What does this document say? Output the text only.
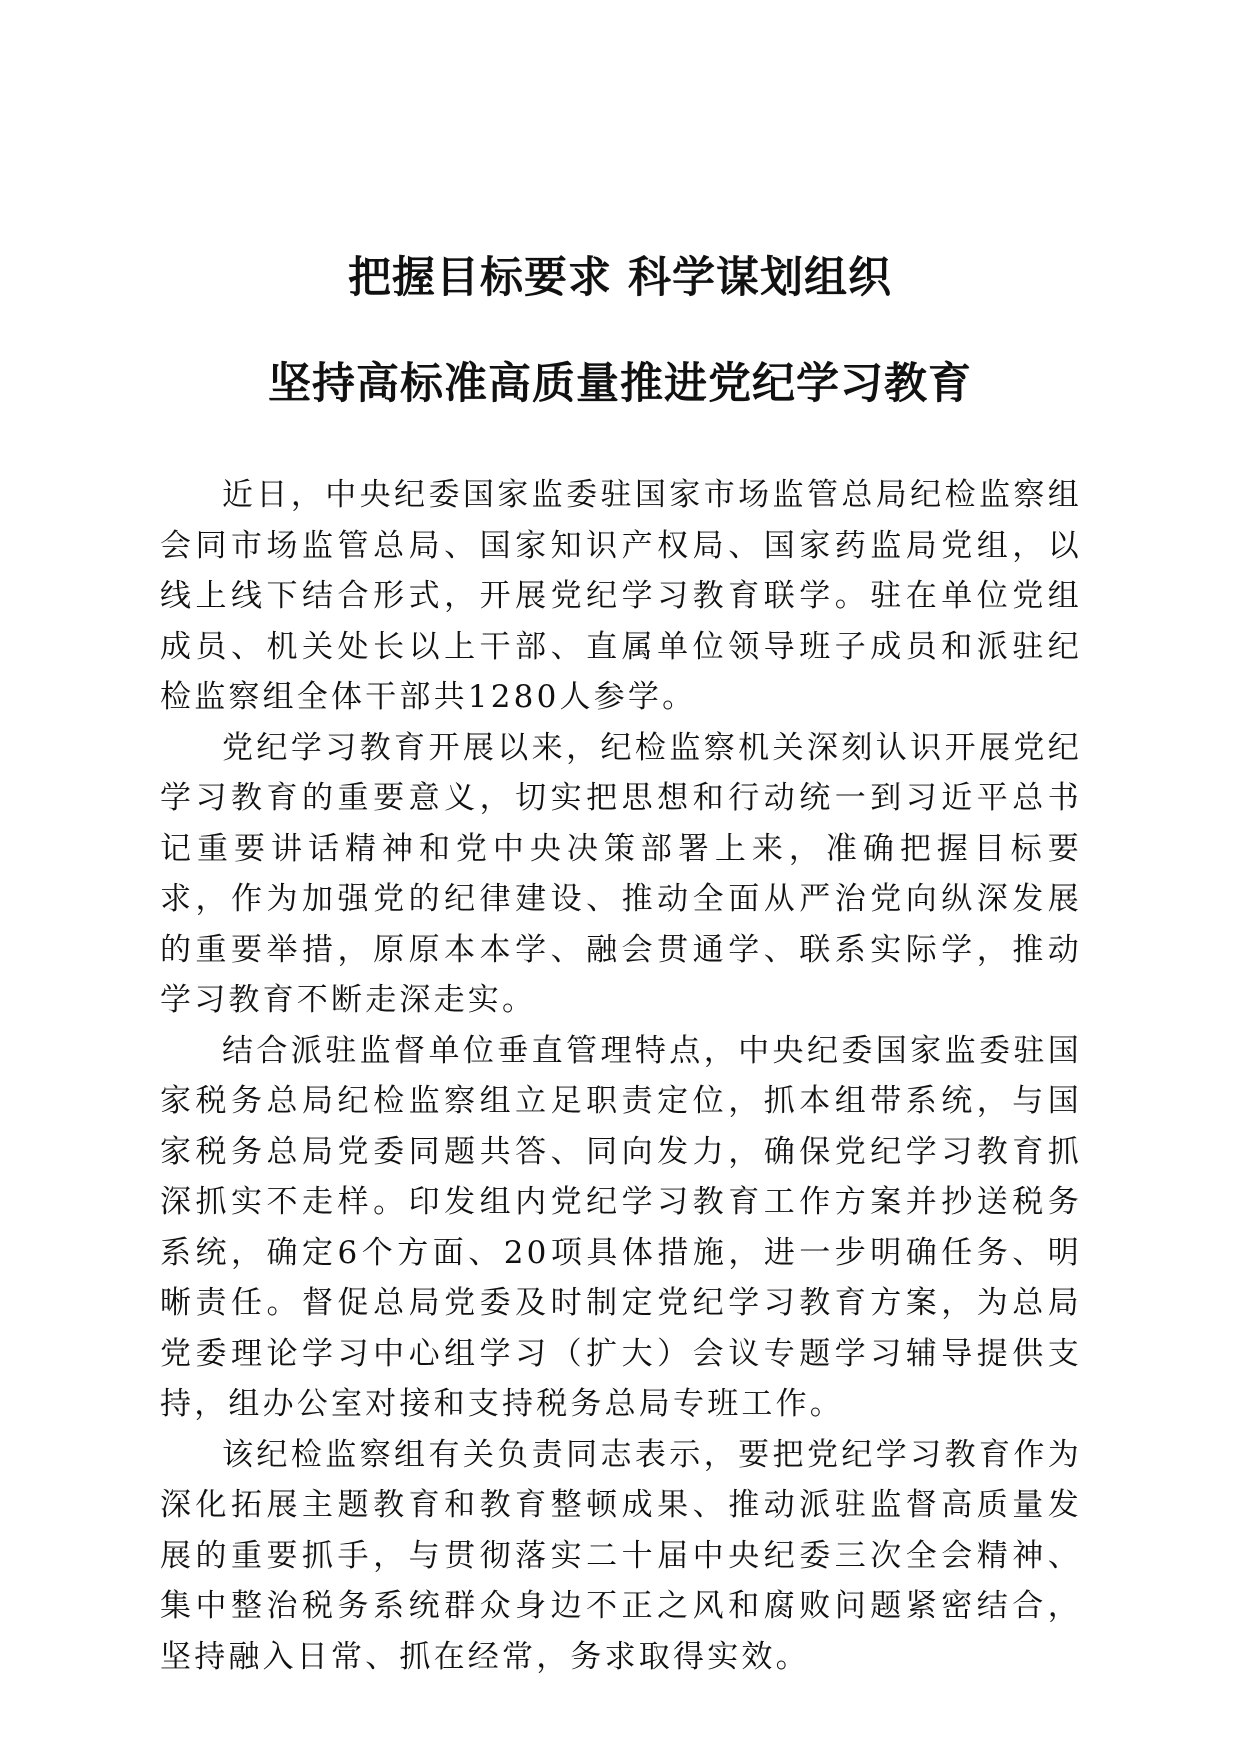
把握目标要求 科学谋划组织
坚持高标准高质量推进党纪学习教育

近日，中央纪委国家监委驻国家市场监管总局纪检监察组会同市场监管总局、国家知识产权局、国家药监局党组，以线上线下结合形式，开展党纪学习教育联学。驻在单位党组成员、机关处长以上干部、直属单位领导班子成员和派驻纪检监察组全体干部共1280人参学。

党纪学习教育开展以来，纪检监察机关深刻认识开展党纪学习教育的重要意义，切实把思想和行动统一到习近平总书记重要讲话精神和党中央决策部署上来，准确把握目标要求，作为加强党的纪律建设、推动全面从严治党向纵深发展的重要举措，原原本本学、融会贯通学、联系实际学，推动学习教育不断走深走实。

结合派驻监督单位垂直管理特点，中央纪委国家监委驻国家税务总局纪检监察组立足职责定位，抓本组带系统，与国家税务总局党委同题共答、同向发力，确保党纪学习教育抓深抓实不走样。印发组内党纪学习教育工作方案并抄送税务系统，确定6个方面、20项具体措施，进一步明确任务、明晰责任。督促总局党委及时制定党纪学习教育方案，为总局党委理论学习中心组学习（扩大）会议专题学习辅导提供支持，组办公室对接和支持税务总局专班工作。

该纪检监察组有关负责同志表示，要把党纪学习教育作为深化拓展主题教育和教育整顿成果、推动派驻监督高质量发展的重要抓手，与贯彻落实二十届中央纪委三次全会精神、集中整治税务系统群众身边不正之风和腐败问题紧密结合，坚持融入日常、抓在经常，务求取得实效。
